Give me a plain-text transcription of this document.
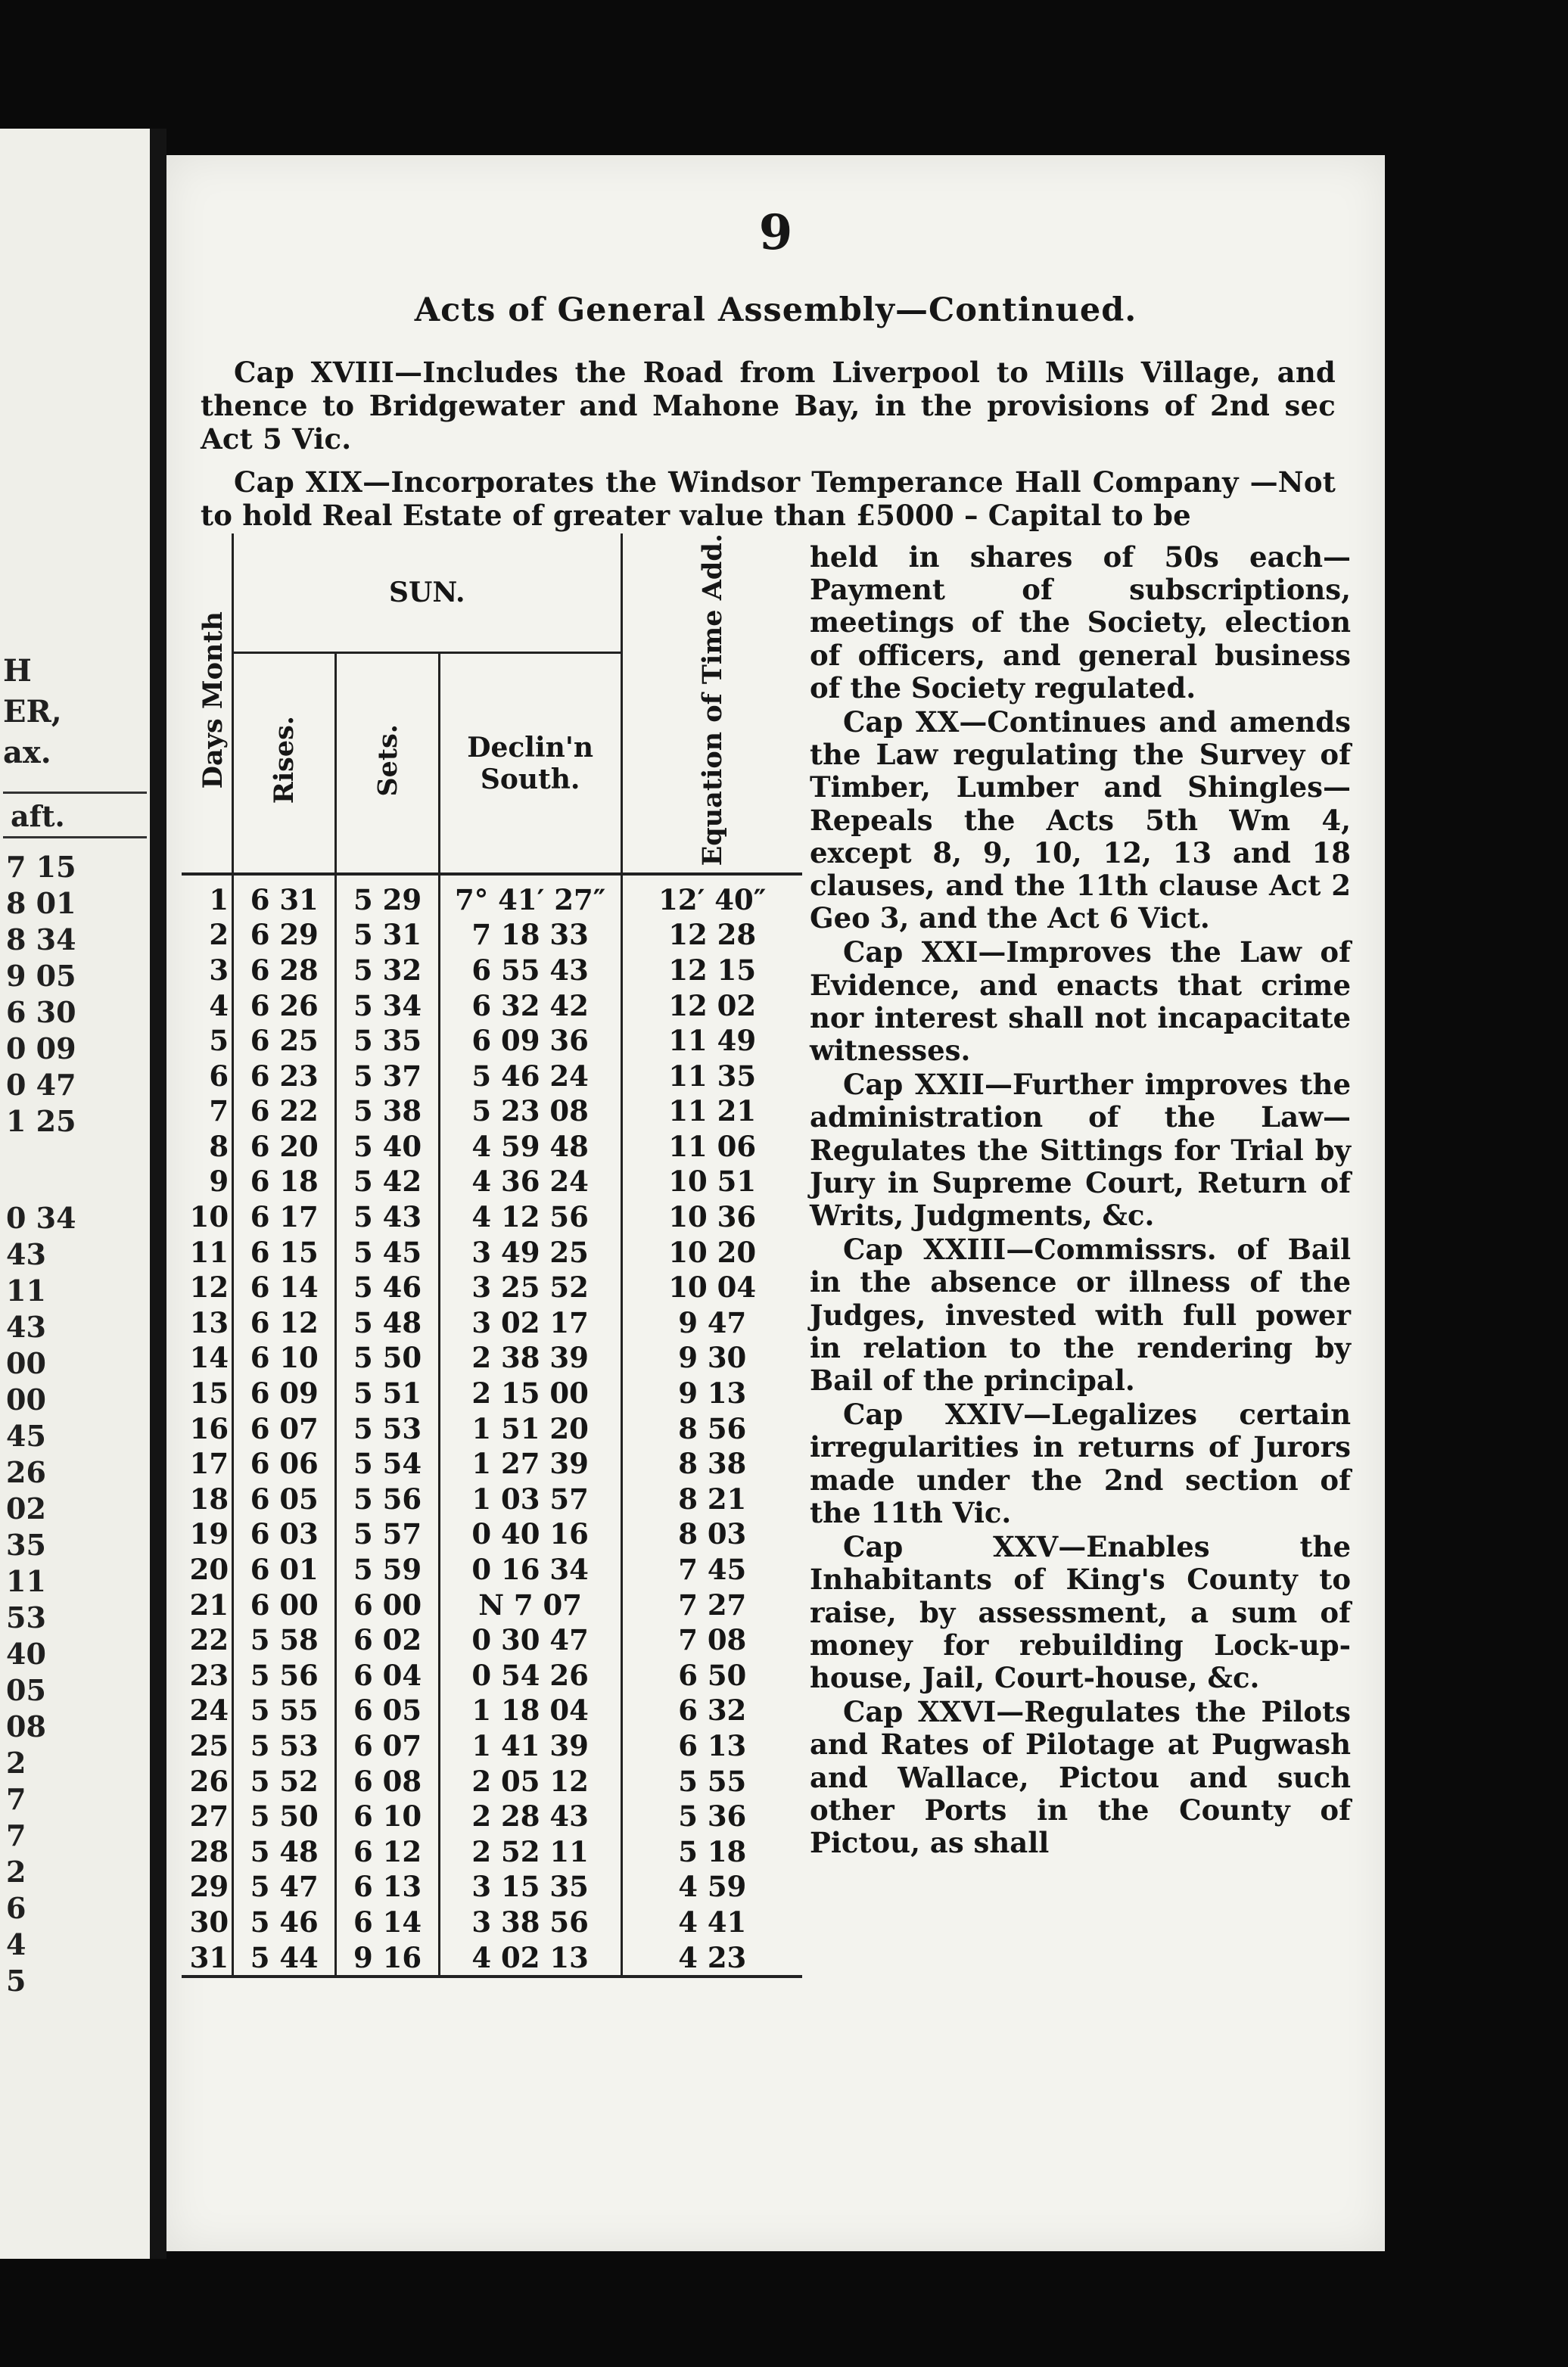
H
ER,
ax.
aft.
7 15
8 01
8 34
9 05
6 30
0 09
0 47
1 25
0 34
43
11
43
00
00
45
26
02
35
11
53
40
05
08
2
7
7
2
6
4
5
9
Acts of General Assembly—Continued.
Cap XVIII—Includes the Road from Liverpool to Mills Village, and thence to Bridgewater and Mahone Bay, in the provisions of 2nd sec Act 5 Vic.
Cap XIX—Incorporates the Windsor Temperance Hall Company —Not to hold Real Estate of greater value than £5000 – Capital to be
Days Month	SUN.			Equation of Time Add.
	Rises.	Sets.	Declin'n
South.	

1	6 31	5 29	7° 41′ 27″	12′ 40″
2	6 29	5 31	7 18 33	12 28
3	6 28	5 32	6 55 43	12 15
4	6 26	5 34	6 32 42	12 02
5	6 25	5 35	6 09 36	11 49
6	6 23	5 37	5 46 24	11 35
7	6 22	5 38	5 23 08	11 21
8	6 20	5 40	4 59 48	11 06
9	6 18	5 42	4 36 24	10 51
10	6 17	5 43	4 12 56	10 36
11	6 15	5 45	3 49 25	10 20
12	6 14	5 46	3 25 52	10 04
13	6 12	5 48	3 02 17	9 47
14	6 10	5 50	2 38 39	9 30
15	6 09	5 51	2 15 00	9 13
16	6 07	5 53	1 51 20	8 56
17	6 06	5 54	1 27 39	8 38
18	6 05	5 56	1 03 57	8 21
19	6 03	5 57	0 40 16	8 03
20	6 01	5 59	0 16 34	7 45
21	6 00	6 00	N 7 07	7 27
22	5 58	6 02	0 30 47	7 08
23	5 56	6 04	0 54 26	6 50
24	5 55	6 05	1 18 04	6 32
25	5 53	6 07	1 41 39	6 13
26	5 52	6 08	2 05 12	5 55
27	5 50	6 10	2 28 43	5 36
28	5 48	6 12	2 52 11	5 18
29	5 47	6 13	3 15 35	4 59
30	5 46	6 14	3 38 56	4 41
31	5 44	9 16	4 02 13	4 23

held in shares of 50s each—Payment of subscriptions, meetings of the Society, election of officers, and general business of the Society regulated.

Cap XX—Continues and amends the Law regulating the Survey of Timber, Lumber and Shingles—Repeals the Acts 5th Wm 4, except 8, 9, 10, 12, 13 and 18 clauses, and the 11th clause Act 2 Geo 3, and the Act 6 Vict.

Cap XXI—Improves the Law of Evidence, and enacts that crime nor interest shall not incapacitate witnesses.

Cap XXII—Further improves the administration of the Law—Regulates the Sittings for Trial by Jury in Supreme Court, Return of Writs, Judgments, &c.

Cap XXIII—Commissrs. of Bail in the absence or illness of the Judges, invested with full power in relation to the rendering by Bail of the principal.

Cap XXIV—Legalizes certain irregularities in returns of Jurors made under the 2nd section of the 11th Vic.

Cap XXV—Enables the Inhabitants of King's County to raise, by assessment, a sum of money for rebuilding Lock-up-house, Jail, Court-house, &c.

Cap XXVI—Regulates the Pilots and Rates of Pilotage at Pugwash and Wallace, Pictou and such other Ports in the County of Pictou, as shall
